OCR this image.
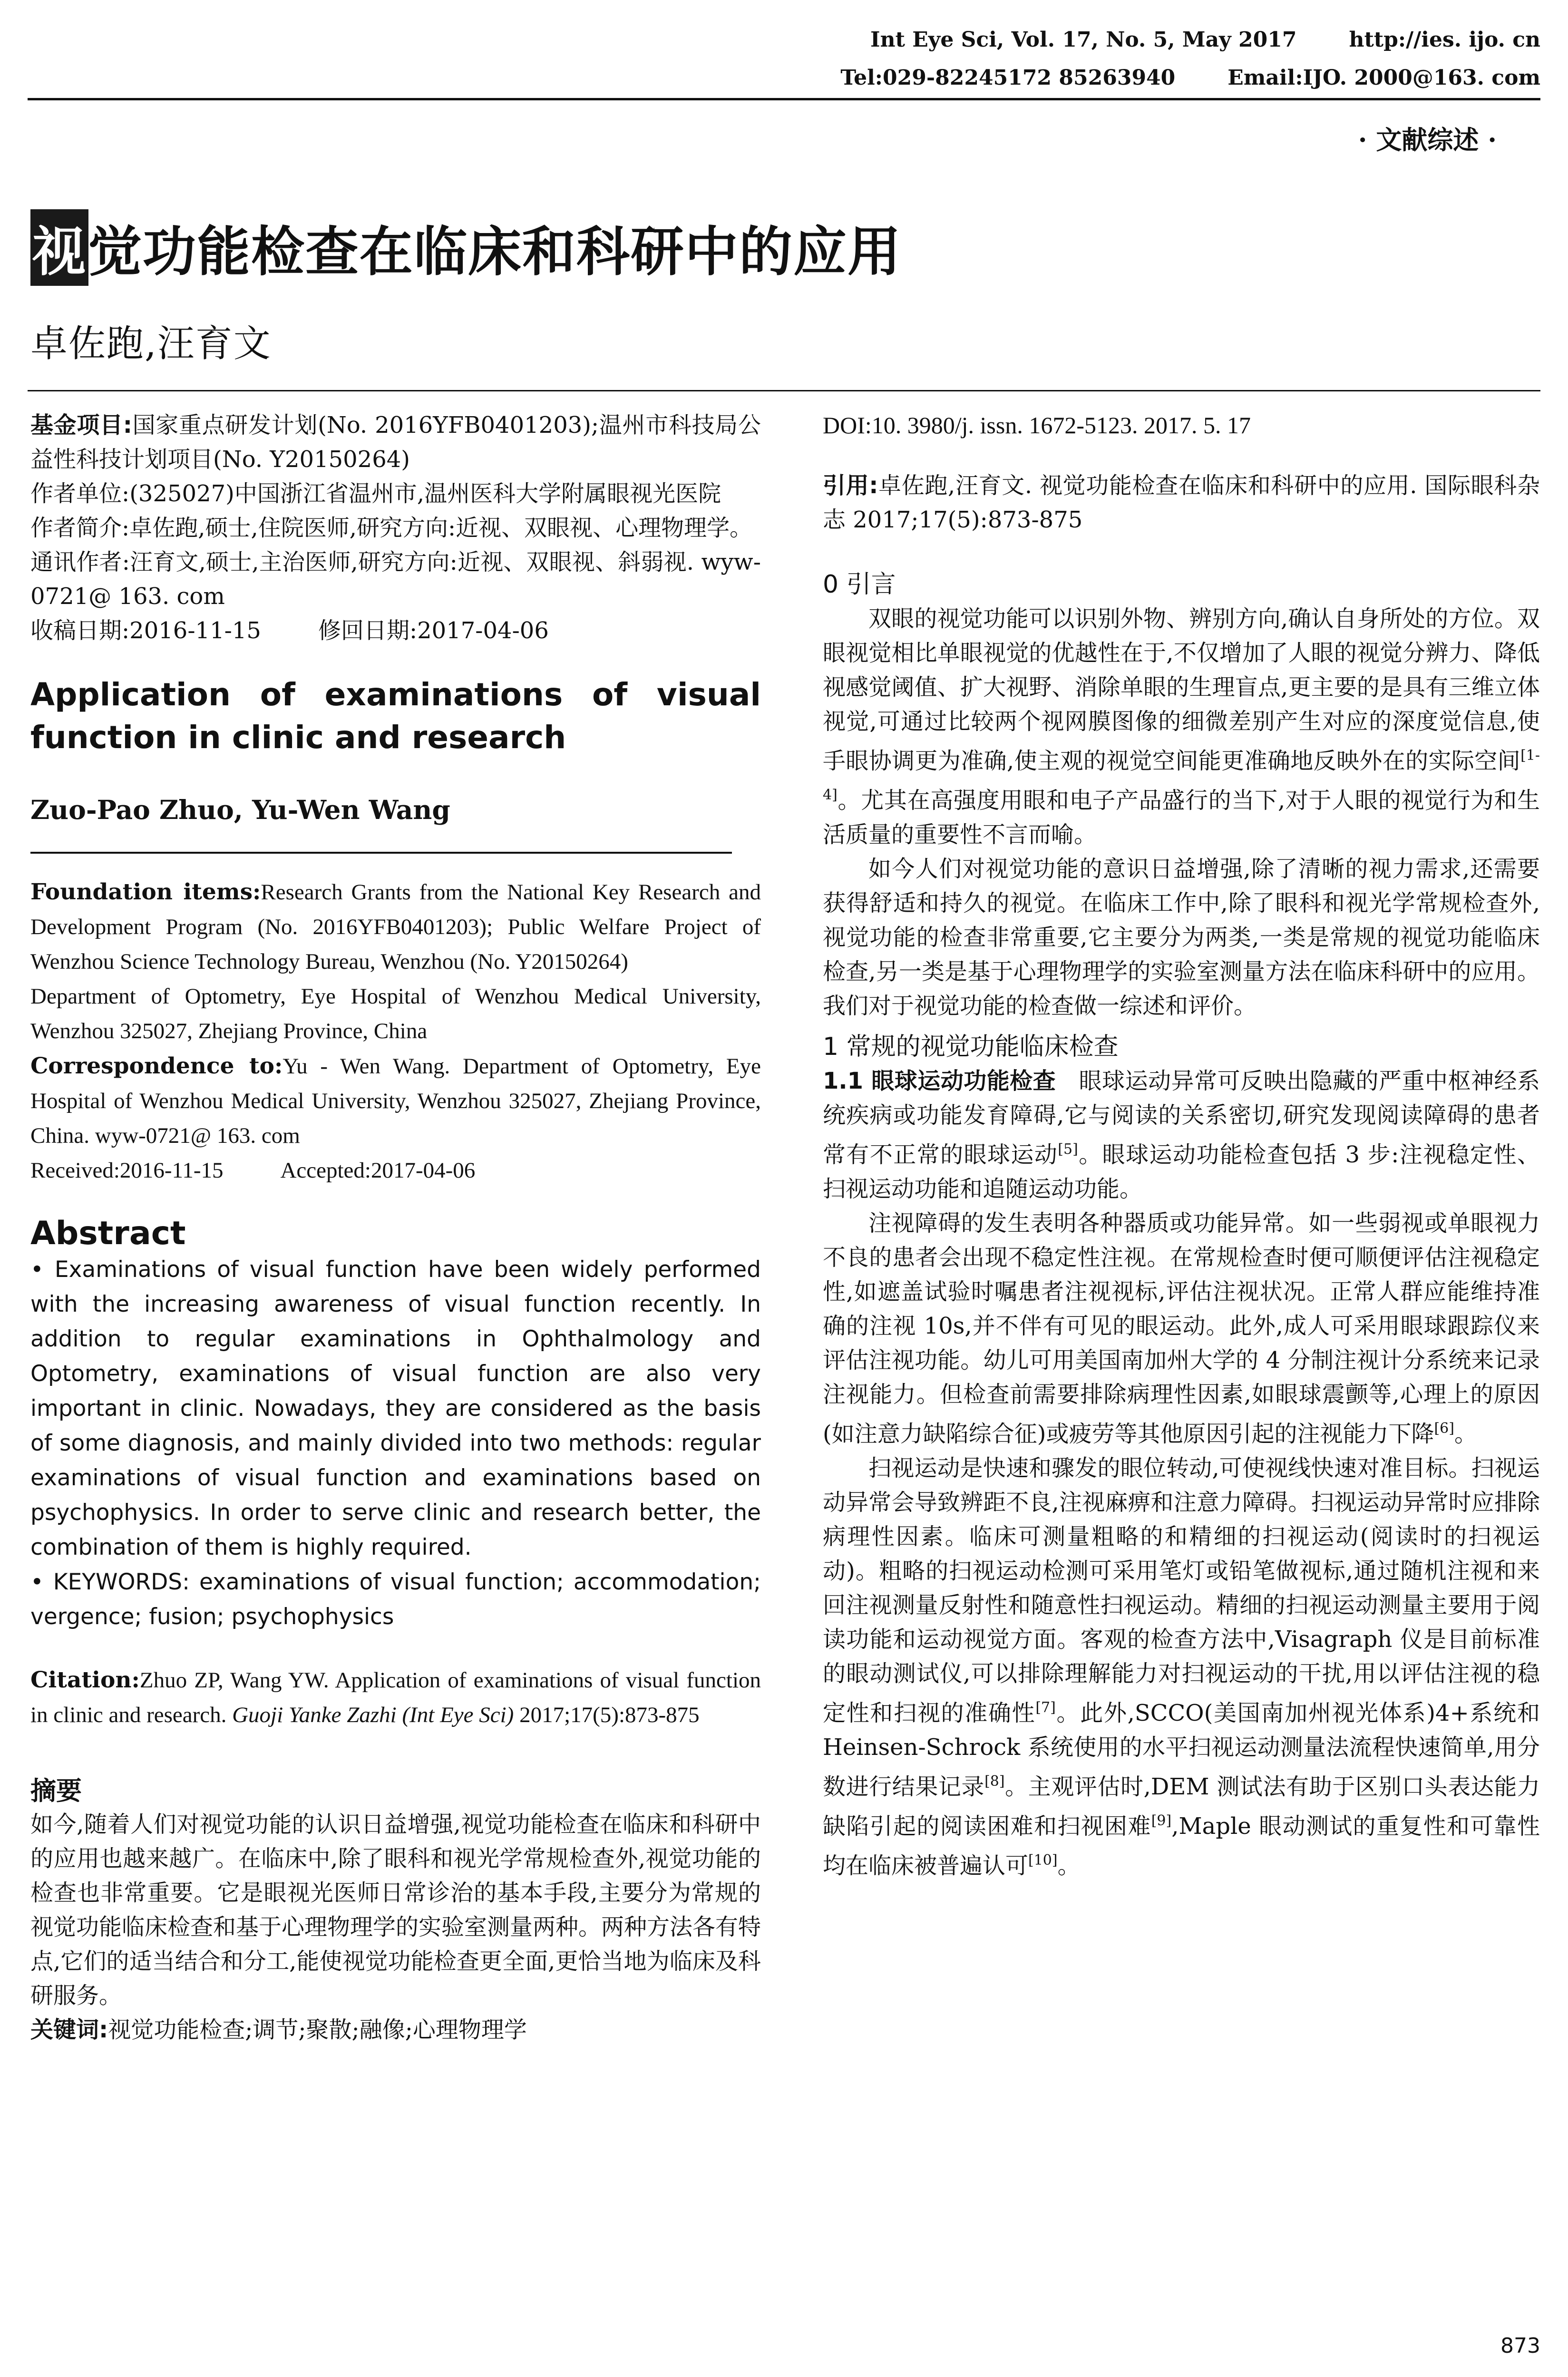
Int Eye Sci, Vol. 17, No. 5, May 2017	http://ies. ijo. cn
Tel:029-82245172 85263940	Email:IJO. 2000@163. com
· 文献综述 ·
视觉功能检查在临床和科研中的应用
卓佐跑,汪育文

基金项目:国家重点研发计划(No. 2016YFB0401203);温州市科技局公益性科技计划项目(No. Y20150264)

作者单位:(325027)中国浙江省温州市,温州医科大学附属眼视光医院

作者简介:卓佐跑,硕士,住院医师,研究方向:近视、双眼视、心理物理学。

通讯作者:汪育文,硕士,主治医师,研究方向:近视、双眼视、斜弱视. wyw-0721@ 163. com

收稿日期:2016-11-15	修回日期:2017-04-06

Application of examinations of visual function in clinic and research
Zuo-Pao Zhuo, Yu-Wen Wang
Foundation items:Research Grants from the National Key Research and Development Program (No. 2016YFB0401203); Public Welfare Project of Wenzhou Science Technology Bureau, Wenzhou (No. Y20150264)
Department of Optometry, Eye Hospital of Wenzhou Medical University, Wenzhou 325027, Zhejiang Province, China
Correspondence to:Yu - Wen Wang. Department of Optometry, Eye Hospital of Wenzhou Medical University, Wenzhou 325027, Zhejiang Province, China. wyw-0721@ 163. com
Received:2016-11-15	Accepted:2017-04-06
Abstract
• Examinations of visual function have been widely performed with the increasing awareness of visual function recently. In addition to regular examinations in Ophthalmology and Optometry, examinations of visual function are also very important in clinic. Nowadays, they are considered as the basis of some diagnosis, and mainly divided into two methods: regular examinations of visual function and examinations based on psychophysics. In order to serve clinic and research better, the combination of them is highly required.
• KEYWORDS: examinations of visual function; accommodation; vergence; fusion; psychophysics
Citation:Zhuo ZP, Wang YW. Application of examinations of visual function in clinic and research. Guoji Yanke Zazhi (Int Eye Sci) 2017;17(5):873-875
摘要
如今,随着人们对视觉功能的认识日益增强,视觉功能检查在临床和科研中的应用也越来越广。在临床中,除了眼科和视光学常规检查外,视觉功能的检查也非常重要。它是眼视光医师日常诊治的基本手段,主要分为常规的视觉功能临床检查和基于心理物理学的实验室测量两种。两种方法各有特点,它们的适当结合和分工,能使视觉功能检查更全面,更恰当地为临床及科研服务。
关键词:视觉功能检查;调节;聚散;融像;心理物理学
DOI:10. 3980/j. issn. 1672-5123. 2017. 5. 17
引用:卓佐跑,汪育文. 视觉功能检查在临床和科研中的应用. 国际眼科杂志 2017;17(5):873-875
0 引言
双眼的视觉功能可以识别外物、辨别方向,确认自身所处的方位。双眼视觉相比单眼视觉的优越性在于,不仅增加了人眼的视觉分辨力、降低视感觉阈值、扩大视野、消除单眼的生理盲点,更主要的是具有三维立体视觉,可通过比较两个视网膜图像的细微差别产生对应的深度觉信息,使手眼协调更为准确,使主观的视觉空间能更准确地反映外在的实际空间[1-4]。尤其在高强度用眼和电子产品盛行的当下,对于人眼的视觉行为和生活质量的重要性不言而喻。
如今人们对视觉功能的意识日益增强,除了清晰的视力需求,还需要获得舒适和持久的视觉。在临床工作中,除了眼科和视光学常规检查外,视觉功能的检查非常重要,它主要分为两类,一类是常规的视觉功能临床检查,另一类是基于心理物理学的实验室测量方法在临床科研中的应用。我们对于视觉功能的检查做一综述和评价。
1 常规的视觉功能临床检查
1.1 眼球运动功能检查 眼球运动异常可反映出隐藏的严重中枢神经系统疾病或功能发育障碍,它与阅读的关系密切,研究发现阅读障碍的患者常有不正常的眼球运动[5]。眼球运动功能检查包括 3 步:注视稳定性、扫视运动功能和追随运动功能。
注视障碍的发生表明各种器质或功能异常。如一些弱视或单眼视力不良的患者会出现不稳定性注视。在常规检查时便可顺便评估注视稳定性,如遮盖试验时嘱患者注视视标,评估注视状况。正常人群应能维持准确的注视 10s,并不伴有可见的眼运动。此外,成人可采用眼球跟踪仪来评估注视功能。幼儿可用美国南加州大学的 4 分制注视计分系统来记录注视能力。但检查前需要排除病理性因素,如眼球震颤等,心理上的原因(如注意力缺陷综合征)或疲劳等其他原因引起的注视能力下降[6]。
扫视运动是快速和骤发的眼位转动,可使视线快速对准目标。扫视运动异常会导致辨距不良,注视麻痹和注意力障碍。扫视运动异常时应排除病理性因素。临床可测量粗略的和精细的扫视运动(阅读时的扫视运动)。粗略的扫视运动检测可采用笔灯或铅笔做视标,通过随机注视和来回注视测量反射性和随意性扫视运动。精细的扫视运动测量主要用于阅读功能和运动视觉方面。客观的检查方法中,Visagraph 仪是目前标准的眼动测试仪,可以排除理解能力对扫视运动的干扰,用以评估注视的稳定性和扫视的准确性[7]。此外,SCCO(美国南加州视光体系)4+系统和 Heinsen-Schrock 系统使用的水平扫视运动测量法流程快速简单,用分数进行结果记录[8]。主观评估时,DEM 测试法有助于区别口头表达能力缺陷引起的阅读困难和扫视困难[9],Maple 眼动测试的重复性和可靠性均在临床被普遍认可[10]。
873
